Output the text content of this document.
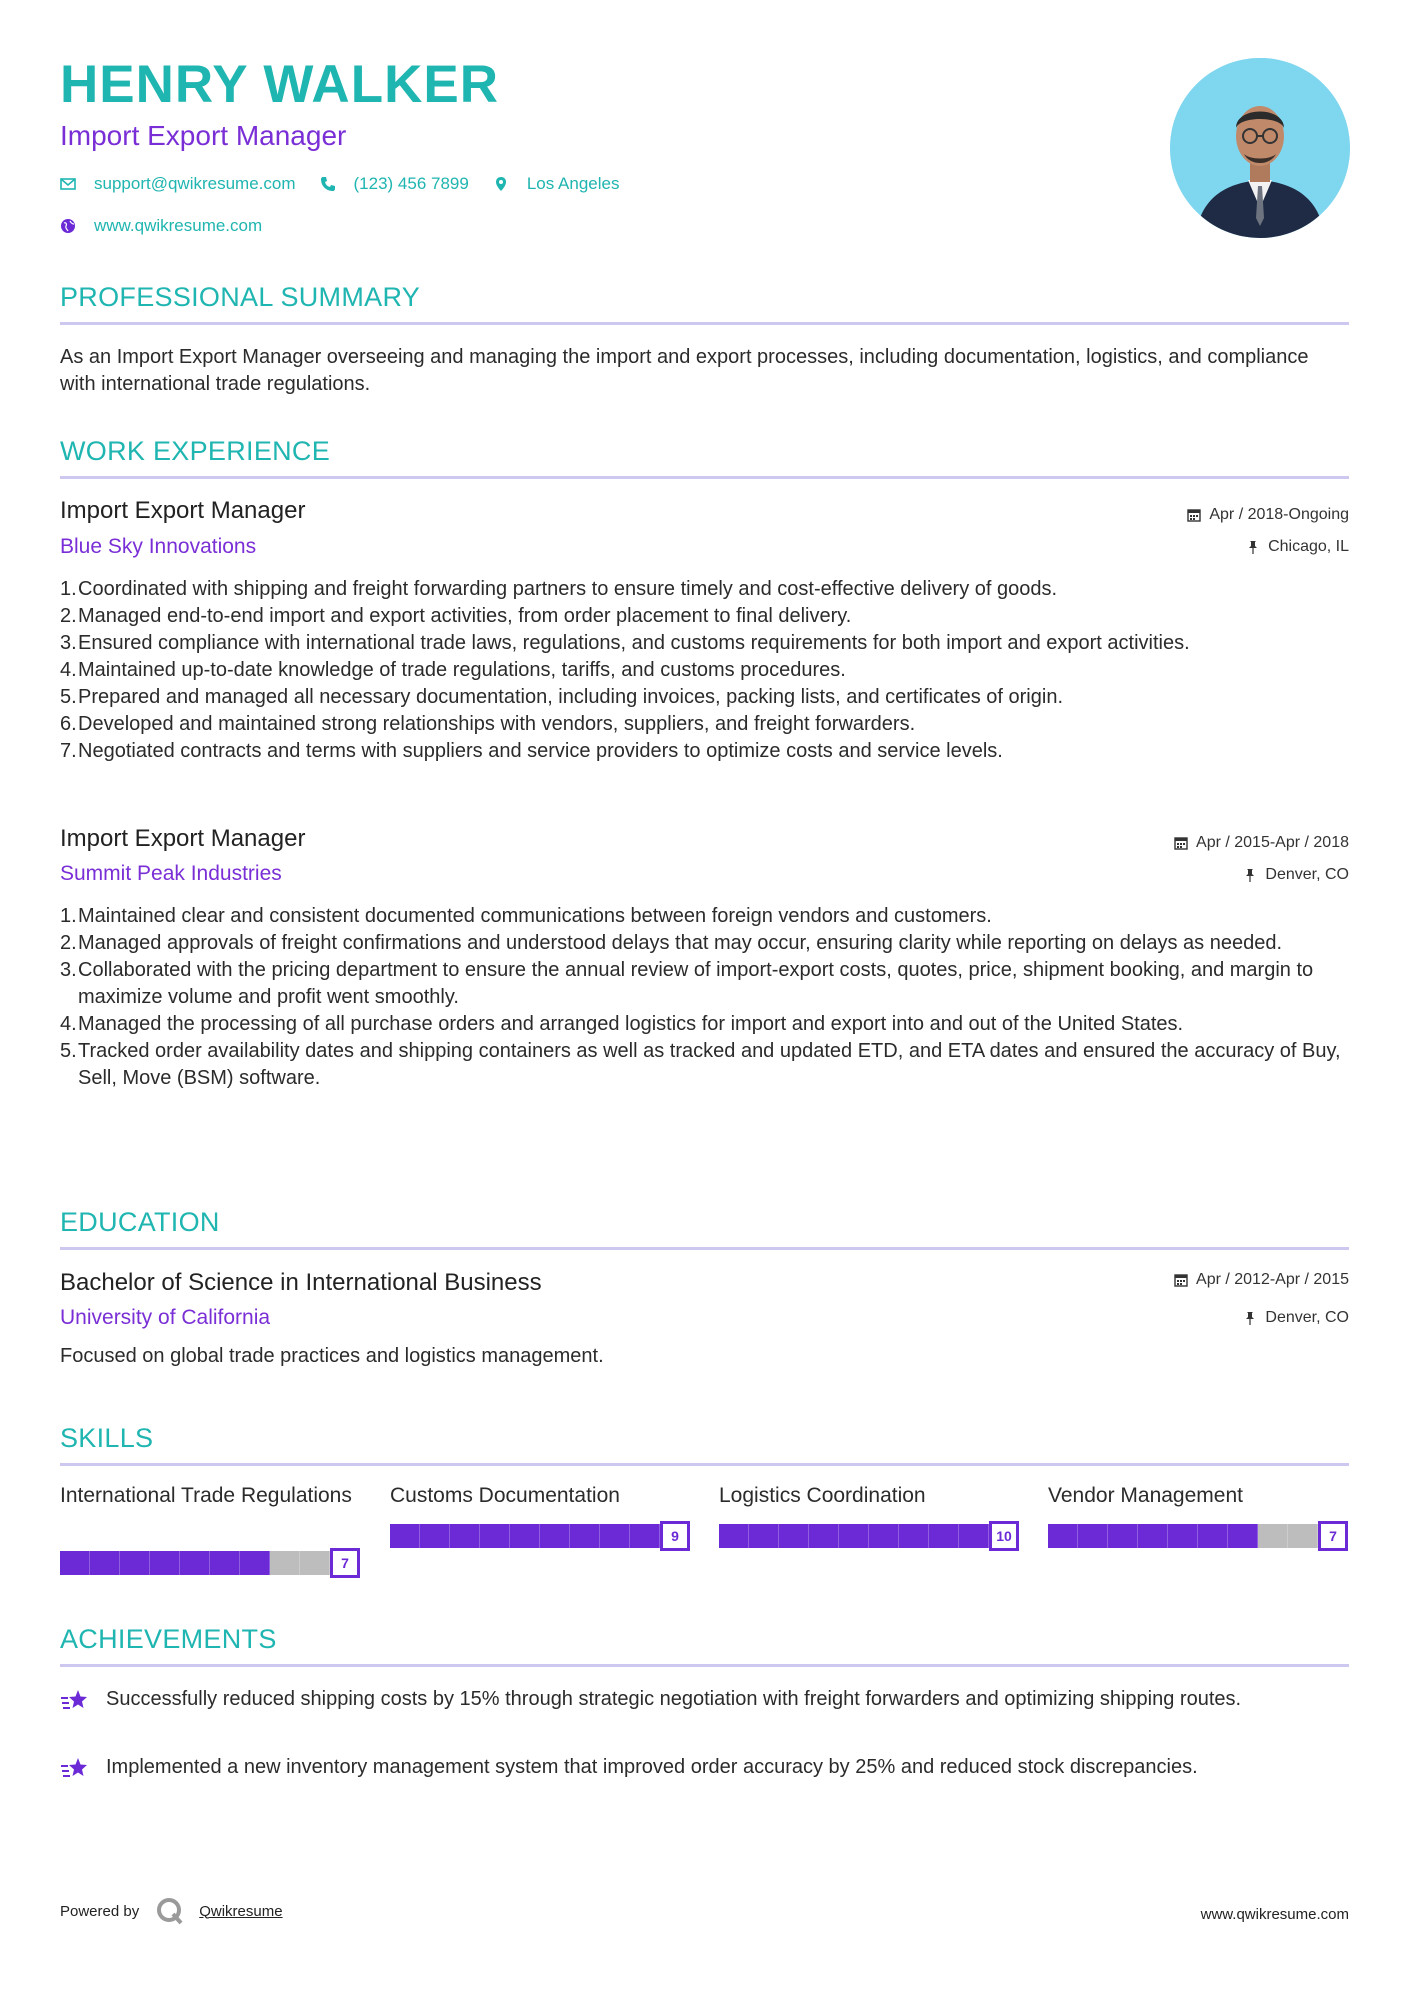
HENRY WALKER
Import Export Manager
support@qwikresume.com	(123) 456 7899	Los Angeles
www.qwikresume.com
PROFESSIONAL SUMMARY
As an Import Export Manager overseeing and managing the import and export processes, including documentation, logistics, and compliance with international trade regulations.
WORK EXPERIENCE
Import Export Manager	Apr / 2018-Ongoing
Blue Sky Innovations	Chicago, IL
1. Coordinated with shipping and freight forwarding partners to ensure timely and cost-effective delivery of goods.
2. Managed end-to-end import and export activities, from order placement to final delivery.
3. Ensured compliance with international trade laws, regulations, and customs requirements for both import and export activities.
4. Maintained up-to-date knowledge of trade regulations, tariffs, and customs procedures.
5. Prepared and managed all necessary documentation, including invoices, packing lists, and certificates of origin.
6. Developed and maintained strong relationships with vendors, suppliers, and freight forwarders.
7. Negotiated contracts and terms with suppliers and service providers to optimize costs and service levels.
Import Export Manager	Apr / 2015-Apr / 2018
Summit Peak Industries	Denver, CO
1. Maintained clear and consistent documented communications between foreign vendors and customers.
2. Managed approvals of freight confirmations and understood delays that may occur, ensuring clarity while reporting on delays as needed.
3. Collaborated with the pricing department to ensure the annual review of import-export costs, quotes, price, shipment booking, and margin to maximize volume and profit went smoothly.
4. Managed the processing of all purchase orders and arranged logistics for import and export into and out of the United States.
5. Tracked order availability dates and shipping containers as well as tracked and updated ETD, and ETA dates and ensured the accuracy of Buy, Sell, Move (BSM) software.
EDUCATION
Bachelor of Science in International Business	Apr / 2012-Apr / 2015
University of California	Denver, CO
Focused on global trade practices and logistics management.
SKILLS
International Trade Regulations
7
Customs Documentation
9
Logistics Coordination
10
Vendor Management
7
ACHIEVEMENTS
Successfully reduced shipping costs by 15% through strategic negotiation with freight forwarders and optimizing shipping routes.
Implemented a new inventory management system that improved order accuracy by 25% and reduced stock discrepancies.
Powered by	Qwikresume	www.qwikresume.com
